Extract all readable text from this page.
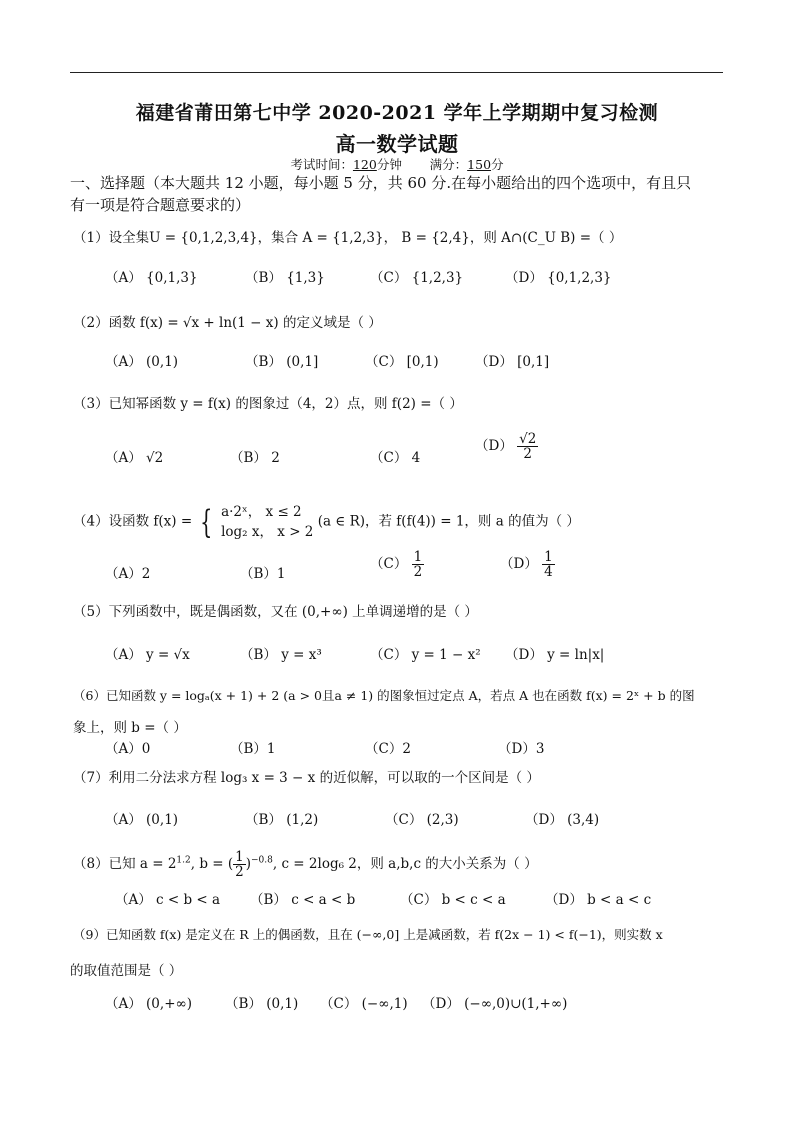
福建省莆田第七中学 2020-2021 学年上学期期中复习检测
高一数学试题
考试时间：120分钟 满分：150分
一、选择题（本大题共 12 小题，每小题 5 分，共 60 分.在每小题给出的四个选项中，有且只
有一项是符合题意要求的）
（1）设全集U = {0,1,2,3,4}，集合 A = {1,2,3}， B = {2,4}，则 A∩(C_U B) =（ ）
（A） {0,1,3}	（B） {1,3}	（C） {1,2,3}	（D） {0,1,2,3}
（2）函数 f(x) = √x + ln(1 − x) 的定义域是（ ）
（A） (0,1)	（B） (0,1]	（C） [0,1)	（D） [0,1]
（3）已知幂函数 y = f(x) 的图象过（4，2）点，则 f(2) =（ ）
（A） √2	（B） 2	（C） 4
$(D) \frac{√2}{2}$
（4）设函数 f(x) = { a·2ˣ， x ≤ 2
log₂ x， x > 2
(a ∈ R)，若 f(f(4)) = 1，则 a 的值为（ ）
（A）2	（B）1
$(C) \frac{1}{2}$	$(D) \frac{1}{4}$
（5）下列函数中，既是偶函数，又在 (0,+∞) 上单调递增的是（ ）
（A） y = √x	（B） y = x³	（C） y = 1 − x² （D） y = ln|x|
（6）已知函数 y = logₐ(x + 1) + 2 (a > 0且a ≠ 1) 的图象恒过定点 A，若点 A 也在函数 f(x) = 2ˣ + b 的图
象上，则 b =（ ）
（A）0	（B）1	（C）2	（D）3
（7）利用二分法求方程 log₃ x = 3 − x 的近似解，可以取的一个区间是（ ）
（A） (0,1)	（B） (1,2)	（C） (2,3)	（D） (3,4)
（8）已知 $a = 2^{1.2}$, b = ( $\frac{1}{2} )^{-0.8}$, c = 2log₆ 2，则 a,b,c 的大小关系为（ ）
（A） c < b < a （B） c < a < b	（C） b < c < a	（D） b < a < c
（9）已知函数 f(x) 是定义在 R 上的偶函数，且在 (−∞,0] 上是减函数，若 f(2x − 1) < f(−1)，则实数 x
的取值范围是（ ）
（A） (0,+∞) （B） (0,1) （C） (−∞,1) （D） (−∞,0)∪(1,+∞)
